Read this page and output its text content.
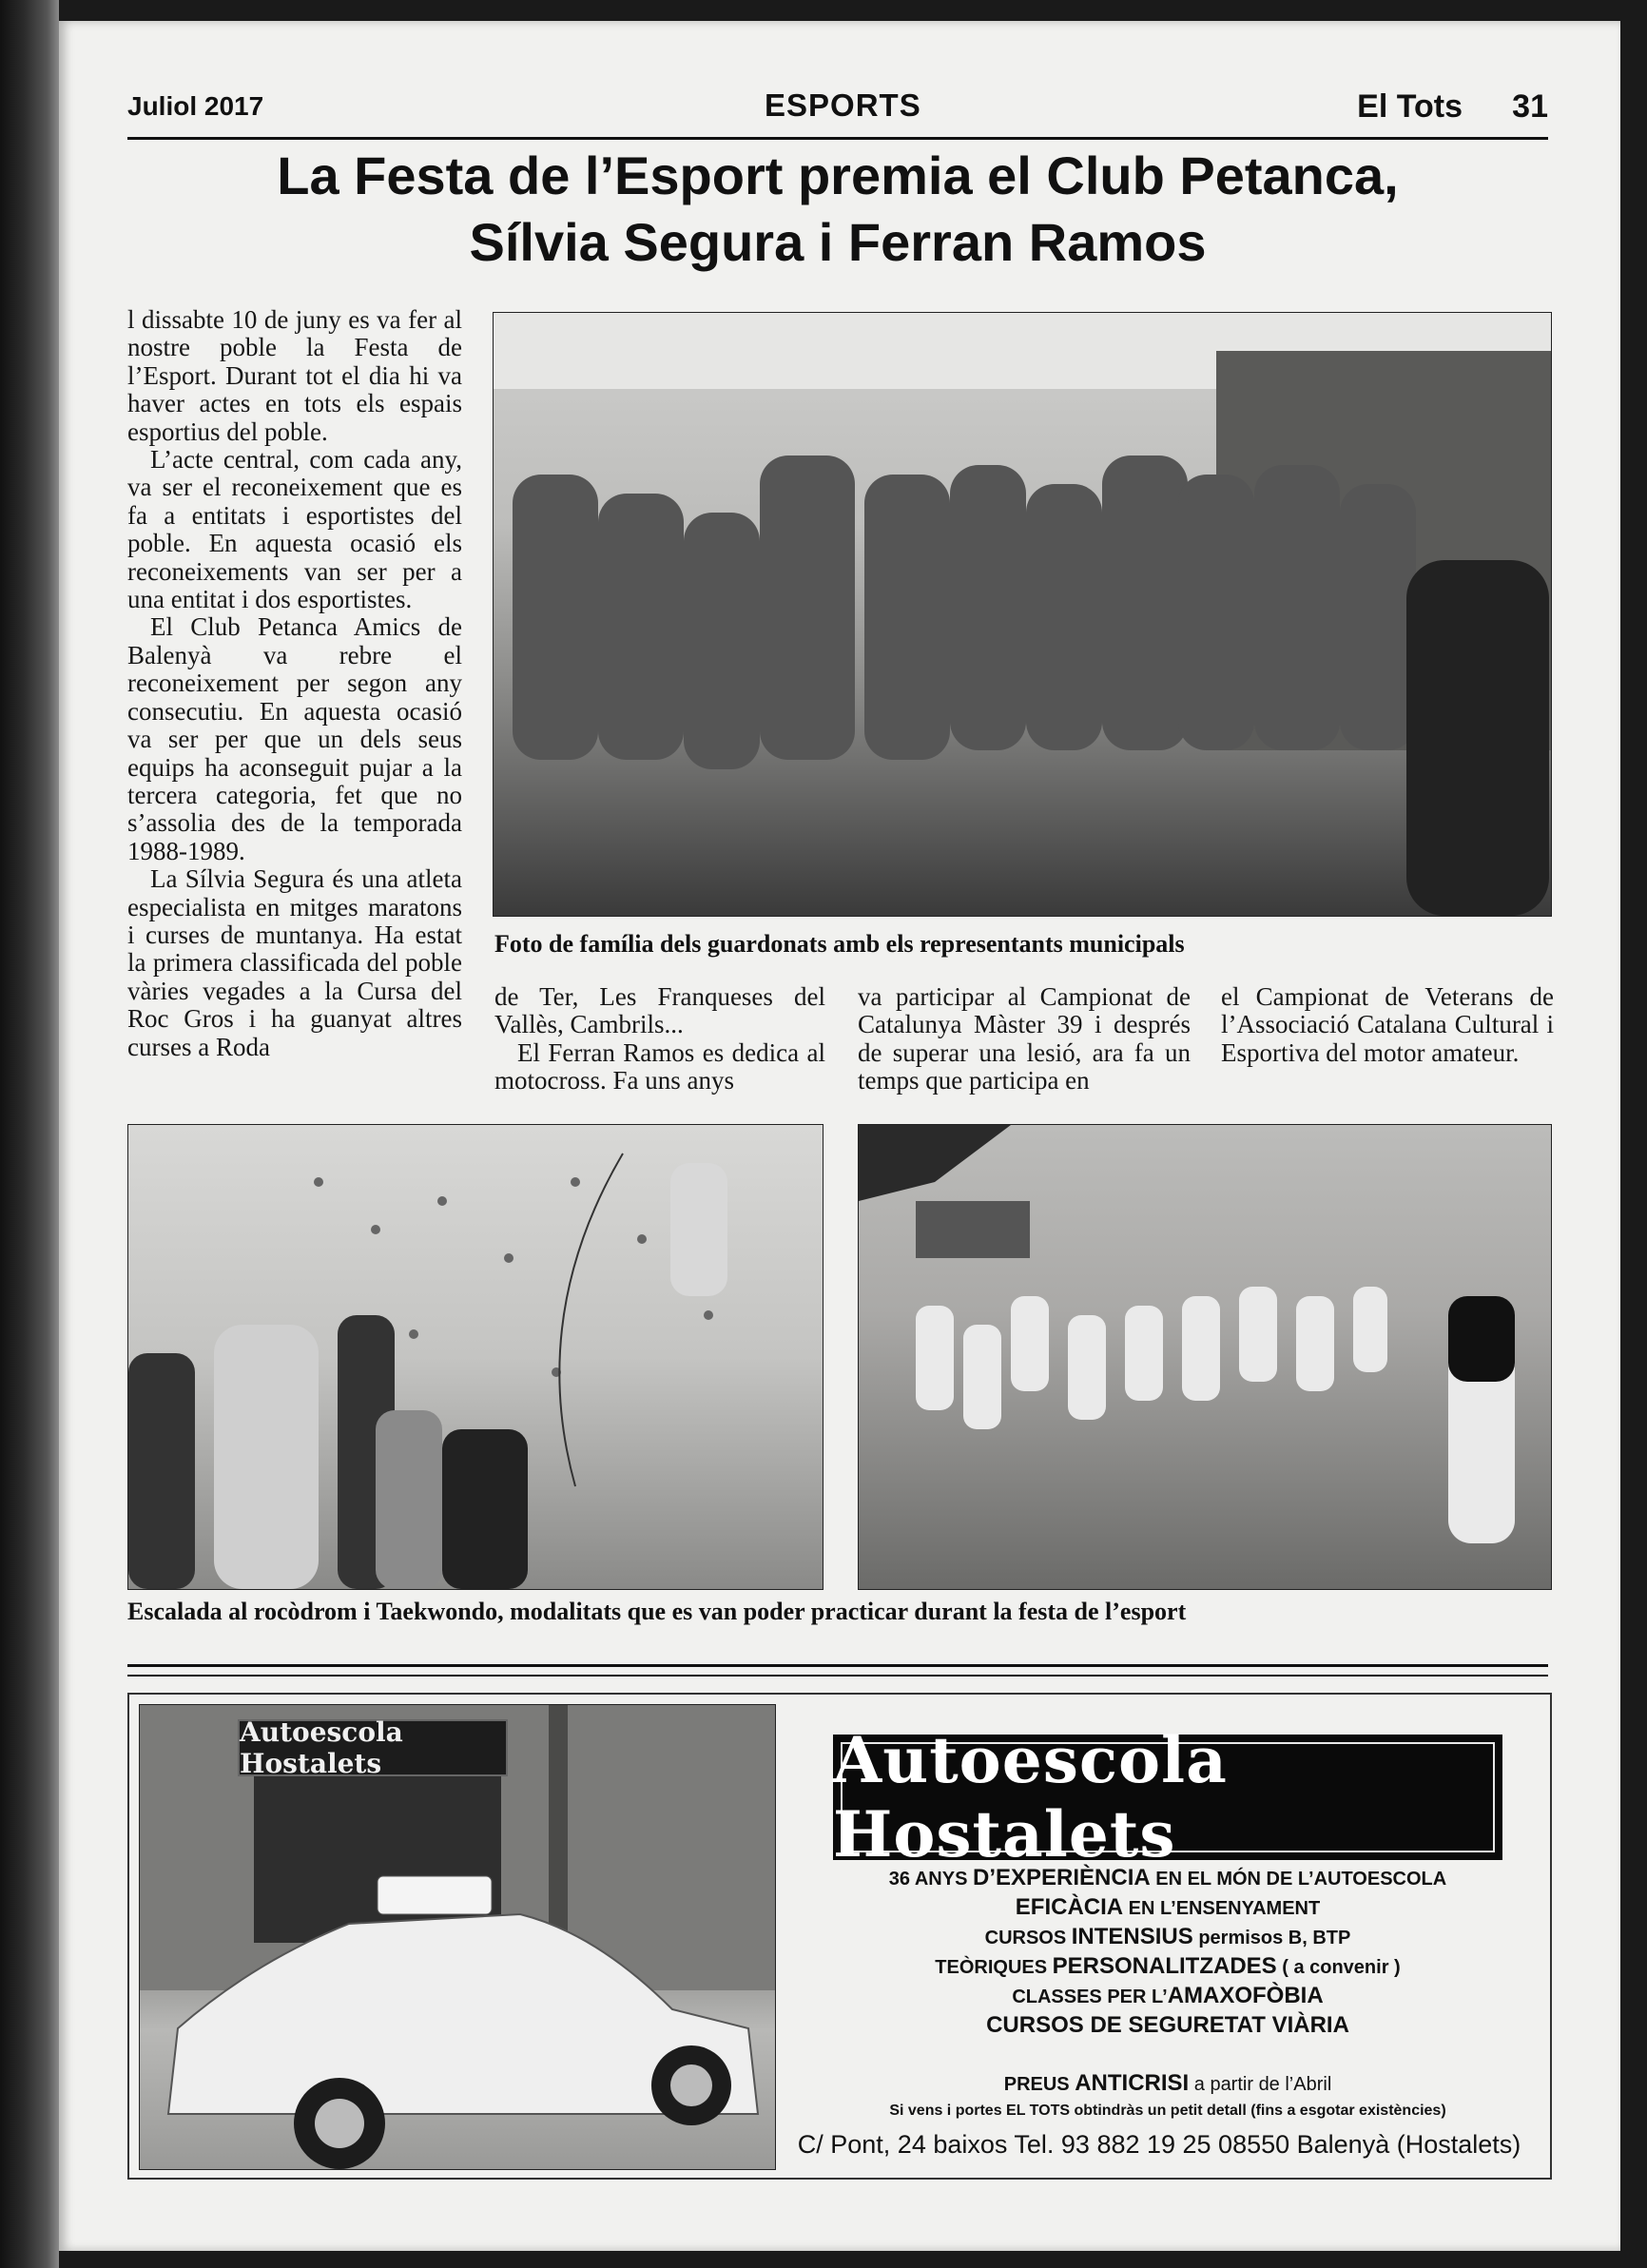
Juliol 2017	ESPORTS	El Tots 31
La Festa de l’Esport premia el Club Petanca,
Sílvia Segura i Ferran Ramos

l dissabte 10 de juny es va fer al nostre poble la Festa de l’Esport. Durant tot el dia hi va haver actes en tots els espais esportius del poble.

L’acte central, com cada any, va ser el reconeixement que es fa a entitats i esportistes del poble. En aquesta ocasió els reconeixements van ser per a una entitat i dos esportistes.

El Club Petanca Amics de Balenyà va rebre el reconeixement per segon any consecutiu. En aquesta ocasió va ser per que un dels seus equips ha aconseguit pujar a la tercera categoria, fet que no s’assolia des de la temporada 1988-1989.

La Sílvia Segura és una atleta especialista en mitges maratons i curses de muntanya. Ha estat la primera classificada del poble vàries vegades a la Cursa del Roc Gros i ha guanyat altres curses a Roda

Foto de família dels guardonats amb els representants municipals

de Ter, Les Franqueses del Vallès, Cambrils...

El Ferran Ramos es dedica al motocross. Fa uns anys

va participar al Campionat de Catalunya Màster 39 i després de superar una lesió, ara fa un temps que participa en

el Campionat de Veterans de l’Associació Catalana Cultural i Esportiva del motor amateur.

Escalada al rocòdrom i Taekwondo, modalitats que es van poder practicar durant la festa de l’esport
Autoescola Hostalets	Autoescola Hostalets
36 ANYS D’EXPERIÈNCIA EN EL MÓN DE L’AUTOESCOLA
EFICÀCIA EN L’ENSENYAMENT
CURSOS INTENSIUS permisos B, BTP
TEÒRIQUES PERSONALITZADES ( a convenir )
CLASSES PER L’AMAXOFÒBIA
CURSOS DE SEGURETAT VIÀRIA
PREUS ANTICRISI a partir de l’Abril
Si vens i portes EL TOTS obtindràs un petit detall (fins a esgotar existències)
C/ Pont, 24 baixos Tel. 93 882 19 25 08550 Balenyà (Hostalets)
